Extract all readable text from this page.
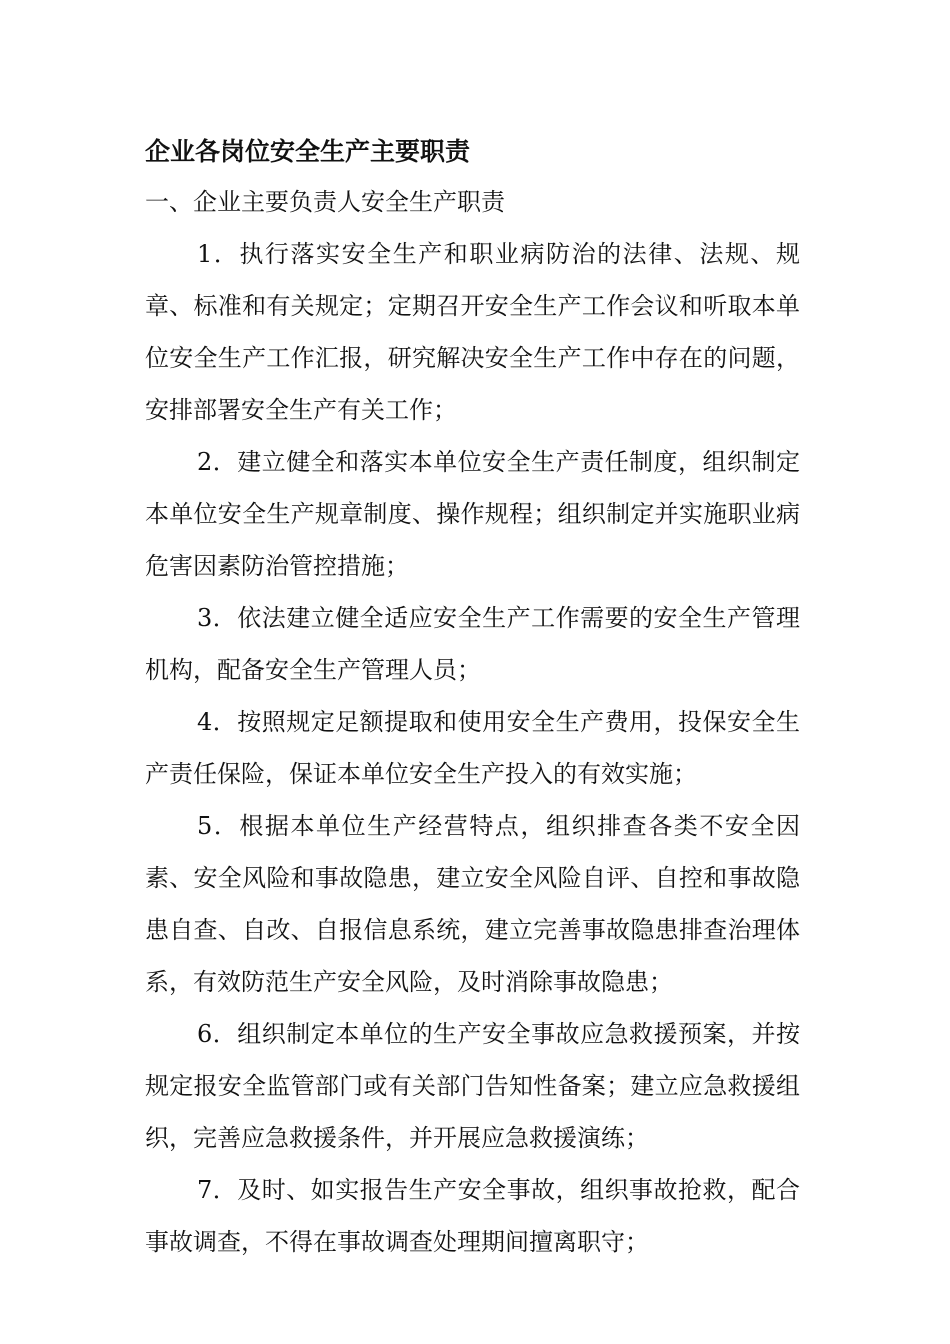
企业各岗位安全生产主要职责

一、企业主要负责人安全生产职责

1．执行落实安全生产和职业病防治的法律、法规、规章、标准和有关规定；定期召开安全生产工作会议和听取本单位安全生产工作汇报，研究解决安全生产工作中存在的问题，安排部署安全生产有关工作；

2．建立健全和落实本单位安全生产责任制度，组织制定本单位安全生产规章制度、操作规程；组织制定并实施职业病危害因素防治管控措施；

3．依法建立健全适应安全生产工作需要的安全生产管理机构，配备安全生产管理人员；

4．按照规定足额提取和使用安全生产费用，投保安全生产责任保险，保证本单位安全生产投入的有效实施；

5．根据本单位生产经营特点，组织排查各类不安全因素、安全风险和事故隐患，建立安全风险自评、自控和事故隐患自查、自改、自报信息系统，建立完善事故隐患排查治理体系，有效防范生产安全风险，及时消除事故隐患；

6．组织制定本单位的生产安全事故应急救援预案，并按规定报安全监管部门或有关部门告知性备案；建立应急救援组织，完善应急救援条件，并开展应急救援演练；

7．及时、如实报告生产安全事故，组织事故抢救，配合事故调查，不得在事故调查处理期间擅离职守；
